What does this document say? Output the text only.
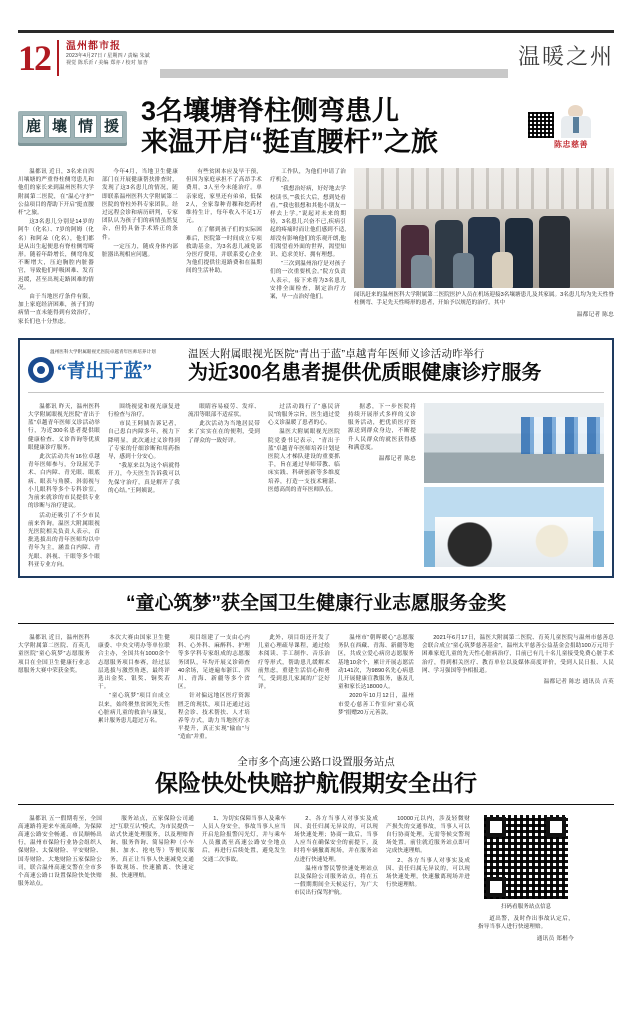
12	温州都市报
2023年4月27日 / 星期四 / 责编 朱斌
视觉 陈乐沂 / 美编 郑亦 / 校对 加杏	温暖之州
鹿 壤 情 援
3名壤塘脊柱侧弯患儿
来温开启“挺直腰杆”之旅	陈忠慈善

温都讯 近日，3名来自四川壤塘的严重脊柱侧弯患儿和他们的家长来到温州医科大学附属第二医院，在“温心守护”公益项目的帮助下开启“挺直腰杆”之旅。

这3名患儿分别是14岁的阿牛（化名）、7岁的阿姆（化名）和阿朵（化名），他们都是从出生起便患有脊柱侧弯畸形。随着年龄增长，侧弯角度不断增大，压迫胸腔内脏器官，导致他们呼吸困难、发育迟缓，甚至出现走路困难的情况。

由于当地医疗条件有限，加上家庭经济困难，孩子们的病情一直未能得到有效治疗，家长们也十分焦虑。

今年4月，当地卫生健康部门在开展健康帮扶排查时，发现了这3名患儿的情况，随即联系温州医科大学附属第二医院的脊柱外科专家团队。经过远程会诊和病历研判，专家团队认为孩子们的病情虽然复杂，但仍具备手术矫正的条件。

一定压力，随成身体内部脏器出现相应问题。

有些贫困本应及早干预，但因为家庭承担不了高昂手术费用，3人至今未能治疗。单亲家庭，家里还有弟弟，低保2人，全家靠种青稞和挖药材维持生计，每年收入不足1万元。

在了解到孩子们的实际困难后，医院第一时间成立专项救助基金，为3名患儿减免部分医疗费用，并联系爱心企业为他们提供往返路费和在温期间的生活补助。

工作队，为他们申请了治疗机会。

“我想治好病，好好地去学校读书。”“我长大后，想到处看看。”“我也很想和其他小朋友一样去上学。”说起对未来的期待，3名患儿兴奋不已,疾病引起的疼痛时而让他们感到不适,却没有影响他们的乐观开朗,他们渴望看外面的世界，渴望知识、追求美好、拥有理想。

“三次到温州治疗是对孩子们的一次重要机会。”院方负责人表示，接下来将为3名患儿安排全面检查，制定治疗方案，早一点治好他们。	闻讯赶来的温州医科大学附属第二医院医护人员在机场迎接3名壤塘患儿及其家属。3名患儿均为先天性脊柱侧弯、手足先天性畸形的患者，开始予以规范的治疗。其中
温都记者 陈忠
温州医科大学附属眼视光医院卓越青年医师培养计划
“青出于蓝”
温医大附属眼视光医院“青出于蓝”卓越青年医师义诊活动昨举行
为近300名患者提供优质眼健康诊疗服务

温都讯 昨天，温州医科大学附属眼视光医院“青出于蓝”卓越青年医师义诊活动举行，为近300名患者提供眼健康检查、义诊咨询等优质眼健康诊疗服务。

此次活动共有16位卓越青年医师参与，分设屈光手术、白内障、青光眼、眼底病、眼表与角膜、斜弱视与小儿眼科等多个专科诊室，为前来就诊的市民提供专业的诊断与治疗建议。

活动还吸引了不少市民前来咨询。温医大附属眼视光医院相关负责人表示，首批选拔出的青年医师均以中青年为主，涵盖白内障、青光眼、斜视、干眼等多个眼科亚专业方向。

围绕视觉和视光康复进行检查与治疗。

市民王阿姨告诉记者，自己患白内障多年，视力下降明显，此次通过义诊得到了专家的仔细诊断和用药指导，感到十分安心。

“我原来以为这个病就得开刀，今天医生告诉我可以先保守治疗，真是解开了我的心结。”王阿姨说。

眼睛容易疲劳、发痒、流泪等眼部不适症状。

此次活动为当地居民带来了实实在在的便利，受到了群众的一致好评。

过活动践行了“惠民济民”的服务宗旨，医生通过爱心义诊温暖了患者的心。

温医大附属眼视光医院院党委书记表示，“青出于蓝”卓越青年医师培养计划是医院人才梯队建设的重要抓手，旨在通过导师带教、临床实践、科研创新等多维度培养，打造一支技术精湛、医德高尚的青年医师队伍。

据悉，下一步医院将持续开展形式多样的义诊服务活动，把优质医疗资源送到群众身边，不断提升人民群众的就医获得感和满意度。

温都记者 陈忠
“童心筑梦”获全国卫生健康行业志愿服务金奖

温都讯 近日，温州医科大学附属第二医院、育英儿童医院“童心筑梦”志愿服务项目在全国卫生健康行业志愿服务大赛中荣获金奖。

本次大赛由国家卫生健康委、中央文明办等单位联合主办，全国共有1000余个志愿服务项目参赛，经过层层选拔与激烈角逐，最终评选出金奖、银奖、铜奖若干。

“童心筑梦”项目自成立以来，始终聚焦贫困先天性心脏病儿童的救治与康复，累计服务患儿超过万名。

项目组建了一支由心内科、心外科、麻醉科、护理等多学科专家组成的志愿服务团队，年均开展义诊筛查40余场，足迹遍布浙江、四川、青海、新疆等多个省区。

针对偏远地区医疗资源匮乏的现状，项目还通过远程会诊、技术帮扶、人才培养等方式，助力当地医疗水平提升，真正实现“输血”与“造血”并重。

此外，项目组还开发了儿童心理疏导课程，通过绘本阅读、手工制作、音乐治疗等形式，帮助患儿缓解术前焦虑，重建生活信心和勇气，受到患儿家属的广泛好评。

温州市“朝晖暖心”志愿服务队在西藏、青海、新疆等地区，共成立爱心病房志愿服务基地10余个，累计开展志愿活动141次，为9890名先心病患儿开展健康宣教服务，惠及儿童和家长达18000人。

2020年10月12日，温州市爱心慈善工作室向“童心筑梦”捐赠20万元善款。

2021年6月17日，温医大附属第二医院、育英儿童医院与温州市慈善总会联合成立“童心筑梦慈善基金”，温州太平慈善公益基金会捐助100万元用于困难家庭儿童的先天性心脏病治疗，目前已有几十名儿童接受免费心脏手术治疗，得到相关医疗、教育单位以及媒体高度评价，受到人民日报、人民网、学习强国等争相报道。

温都记者 陈忠 通讯员 吉英
全市多个高速公路口设置服务站点
保险快处快赔护航假期安全出行

温都讯 五一假期将至，全国高速路将迎来车流高峰，为保障高速公路安全畅通、市民顺畅出行，温州市保险行业协会组织人保财险、太保财险、平安财险、国寿财险、大地财险五家保险公司，联合温州高速交警在全市多个高速公路口设置保险快处快赔服务站点。

服务站点，五家保险公司通过“互联互认”模式，为市民提供一站式快速处理服务，以及理赔咨询、服务咨询、简易险种（小车损、加水、抢电等）等便民服务，真正让当事人快速减免交通事故现场、快速撤离、快速定损、快速理赔。

1、为切实保障当事人及乘车人员人身安全，事故当事人应当开启危险报警闪光灯，并与乘车人员撤离至高速公路安全地点后，再进行后续处置，避免发生交通二次事故。

2、各方当事人对事实及成因、责任归属无异议的，可以现场快速处理；协商一致后，当事人应当在确保安全的前提下，及时将车辆撤离现场，并在服务站点进行快速处理。

温州市警民警快速处理站点以及保险公司服务站点，将在五一假期期间全天候运行，为广大市民出行保驾护航。

10000元以内，涉及轻微财产损失的交通事故，当事人可以自行协商处理，无需等候交警现场处置，前往就近服务站点即可完成快速理赔。

2、各方当事人对事实及成因、责任归属无异议的，可以现场快速处理，快速撤离现场并进行快速理赔。

扫码看服务站点信息

道出警，及时作出事故认定后，指导当事人进行快速理赔。

通讯员 郑楷今
